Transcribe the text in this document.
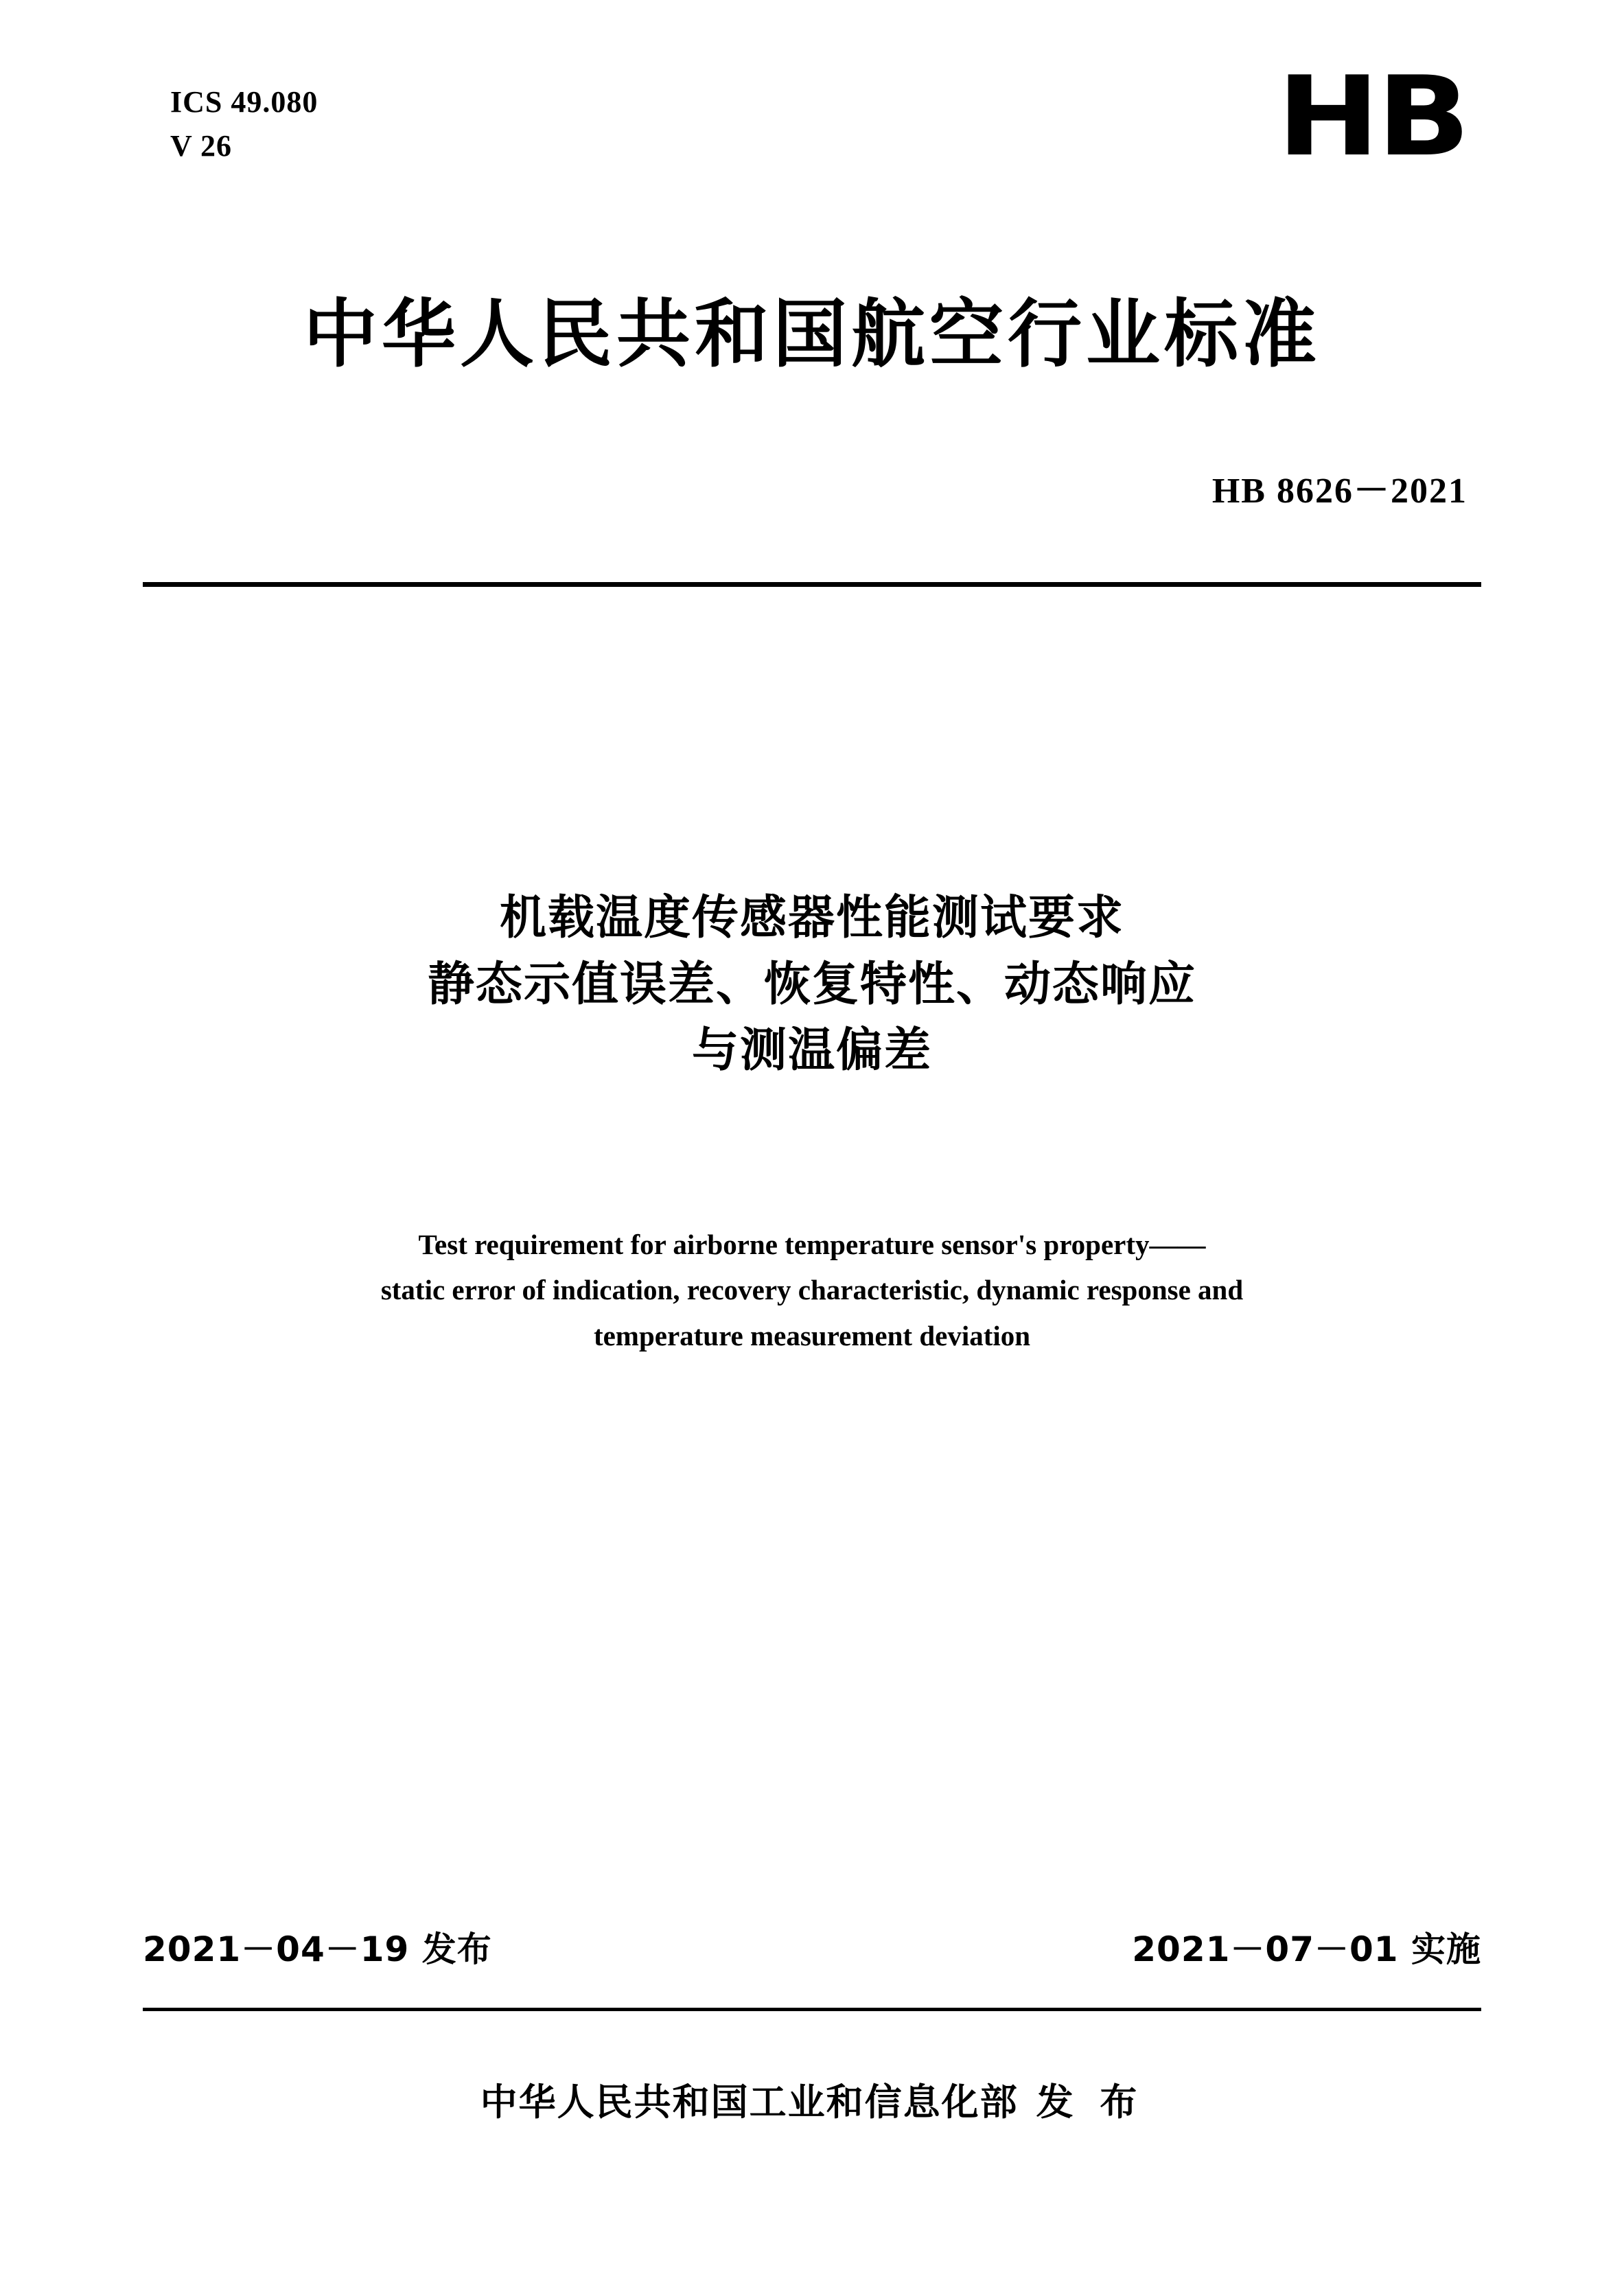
ICS 49.080
V 26	HB
中华人民共和国航空行业标准
HB 8626－2021
机载温度传感器性能测试要求
静态示值误差、恢复特性、动态响应
与测温偏差
Test requirement for airborne temperature sensor's property——
static error of indication, recovery characteristic, dynamic response and
temperature measurement deviation
2021－04－19 发布	2021－07－01 实施
中华人民共和国工业和信息化部 发 布
